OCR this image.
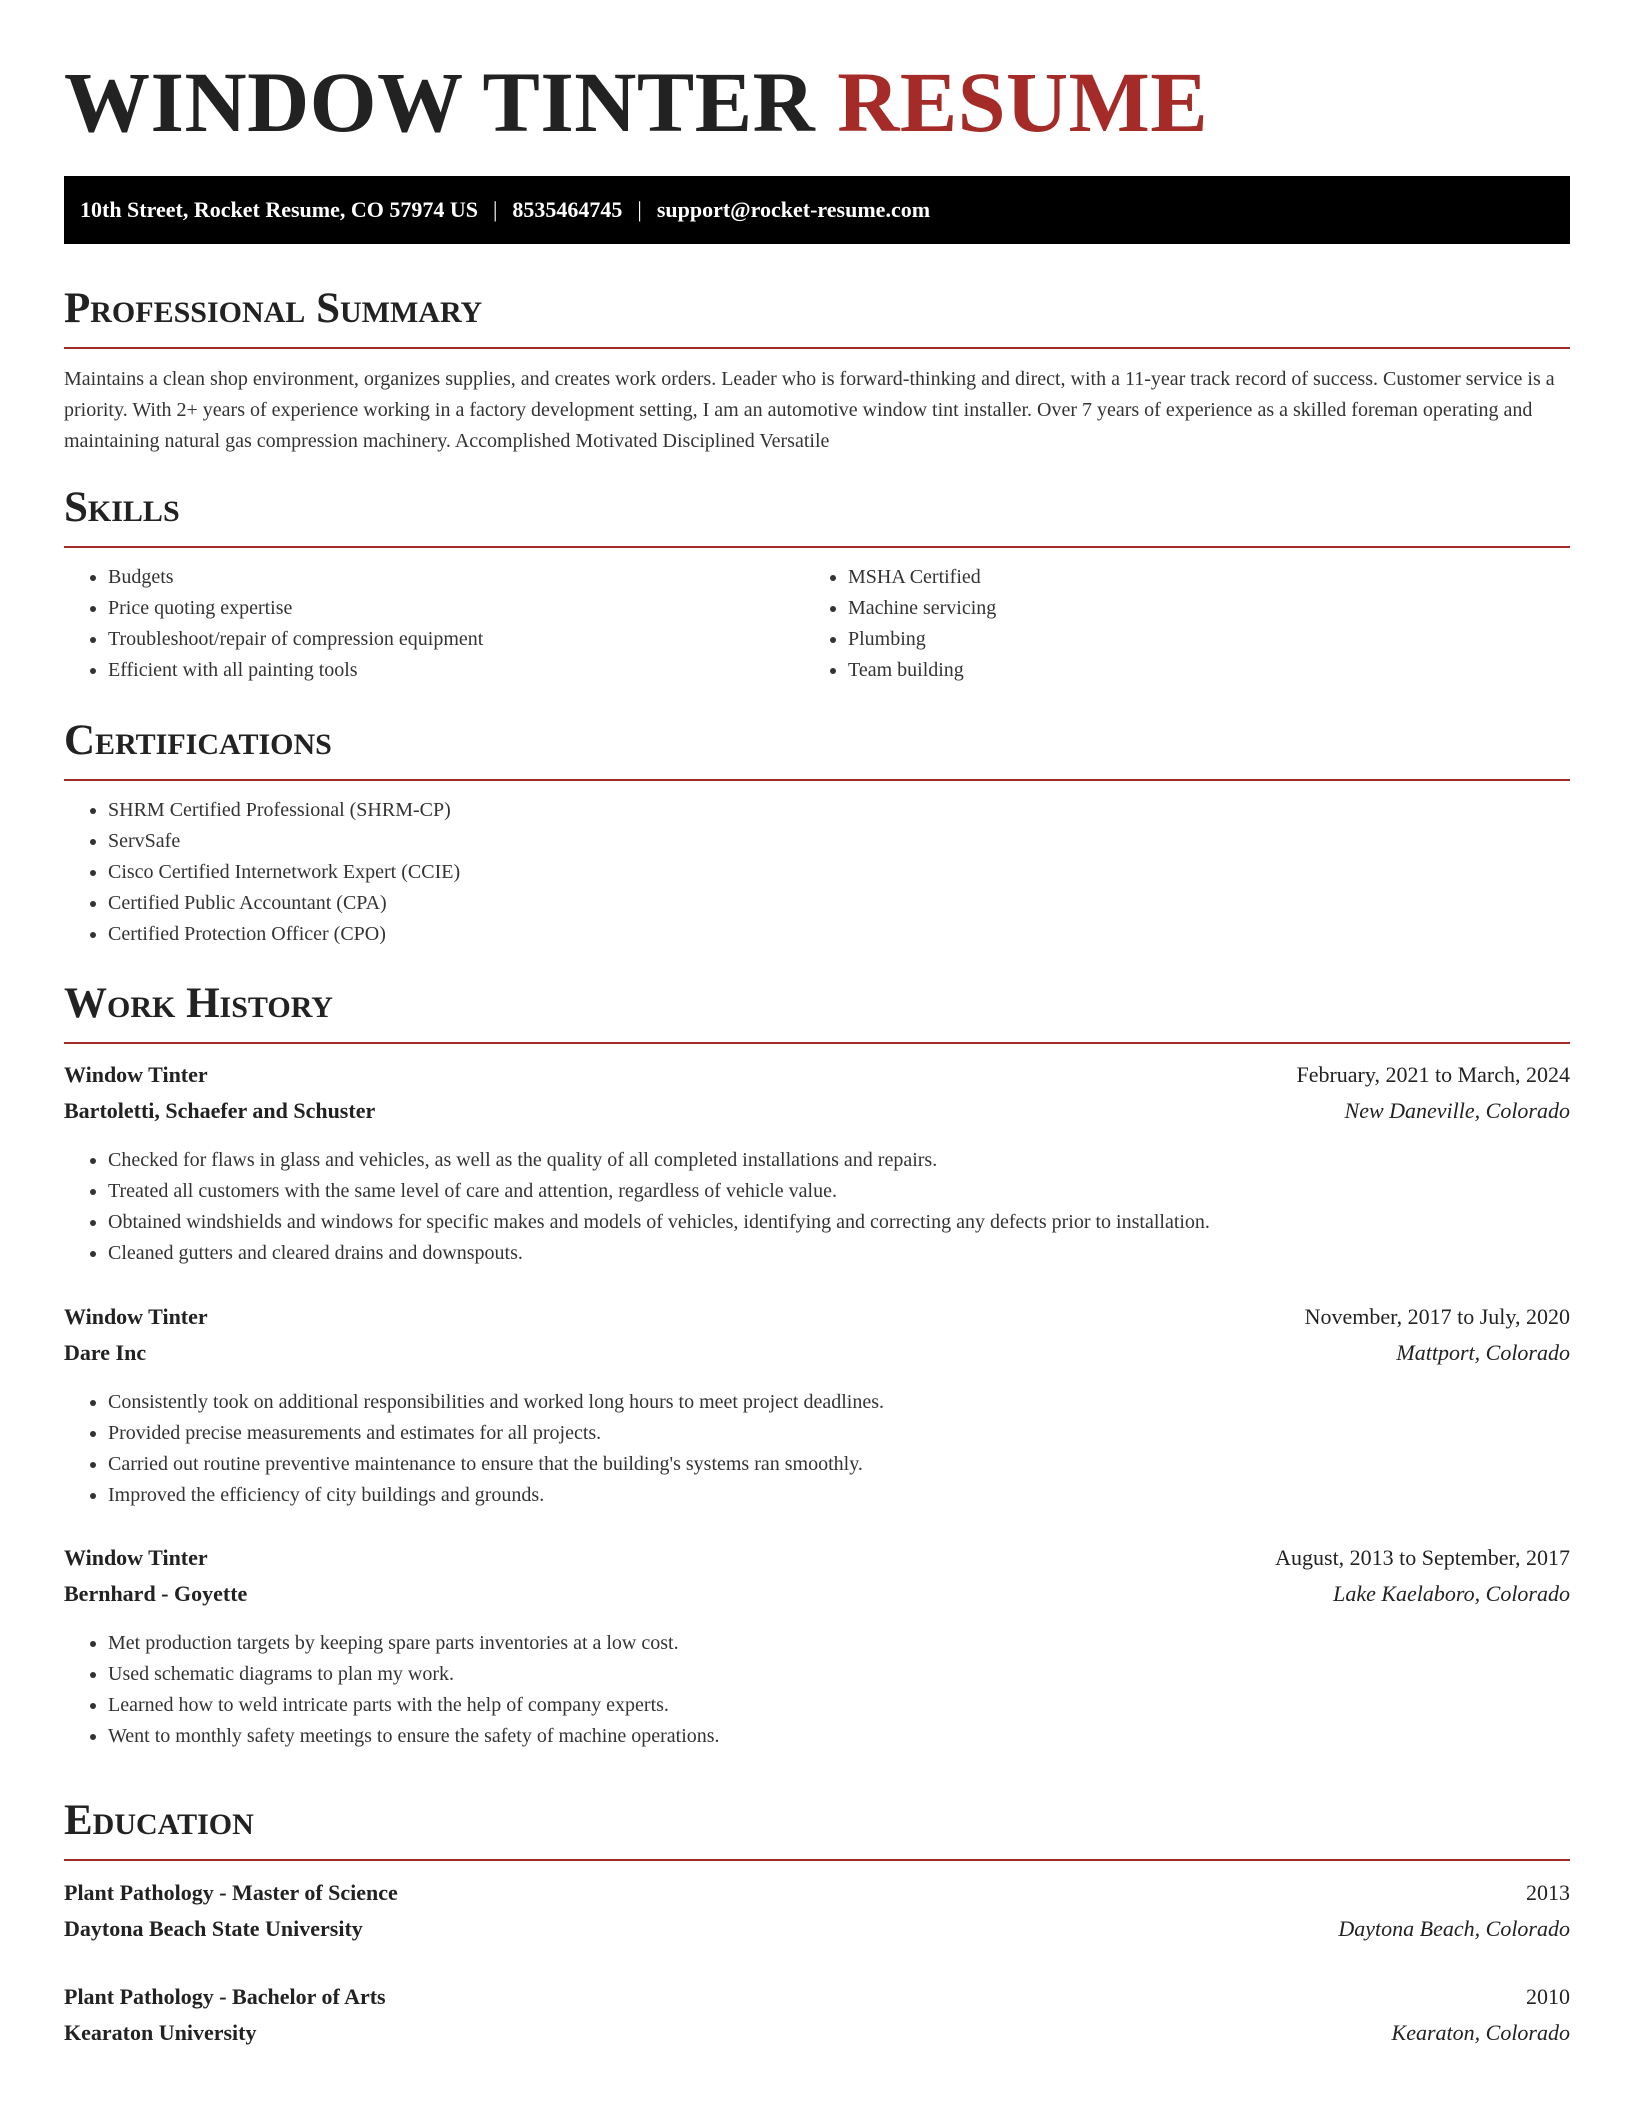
WINDOW TINTER RESUME
10th Street, Rocket Resume, CO 57974 US | 8535464745 | support@rocket-resume.com
Professional Summary

Maintains a clean shop environment, organizes supplies, and creates work orders. Leader who is forward-thinking and direct, with a 11-year track record of success. Customer service is a priority. With 2+ years of experience working in a factory development setting, I am an automotive window tint installer. Over 7 years of experience as a skilled foreman operating and maintaining natural gas compression machinery. Accomplished Motivated Disciplined Versatile

Skills
• Budgets
• Price quoting expertise
• Troubleshoot/repair of compression equipment
• Efficient with all painting tools
• MSHA Certified
• Machine servicing
• Plumbing
• Team building
Certifications
• SHRM Certified Professional (SHRM-CP)
• ServSafe
• Cisco Certified Internetwork Expert (CCIE)
• Certified Public Accountant (CPA)
• Certified Protection Officer (CPO)
Work History
Window Tinter	February, 2021 to March, 2024
Bartoletti, Schaefer and Schuster	New Daneville, Colorado
• Checked for flaws in glass and vehicles, as well as the quality of all completed installations and repairs.
• Treated all customers with the same level of care and attention, regardless of vehicle value.
• Obtained windshields and windows for specific makes and models of vehicles, identifying and correcting any defects prior to installation.
• Cleaned gutters and cleared drains and downspouts.
Window Tinter	November, 2017 to July, 2020
Dare Inc	Mattport, Colorado
• Consistently took on additional responsibilities and worked long hours to meet project deadlines.
• Provided precise measurements and estimates for all projects.
• Carried out routine preventive maintenance to ensure that the building's systems ran smoothly.
• Improved the efficiency of city buildings and grounds.
Window Tinter	August, 2013 to September, 2017
Bernhard - Goyette	Lake Kaelaboro, Colorado
• Met production targets by keeping spare parts inventories at a low cost.
• Used schematic diagrams to plan my work.
• Learned how to weld intricate parts with the help of company experts.
• Went to monthly safety meetings to ensure the safety of machine operations.
Education
Plant Pathology - Master of Science	2013
Daytona Beach State University	Daytona Beach, Colorado
Plant Pathology - Bachelor of Arts	2010
Kearaton University	Kearaton, Colorado
